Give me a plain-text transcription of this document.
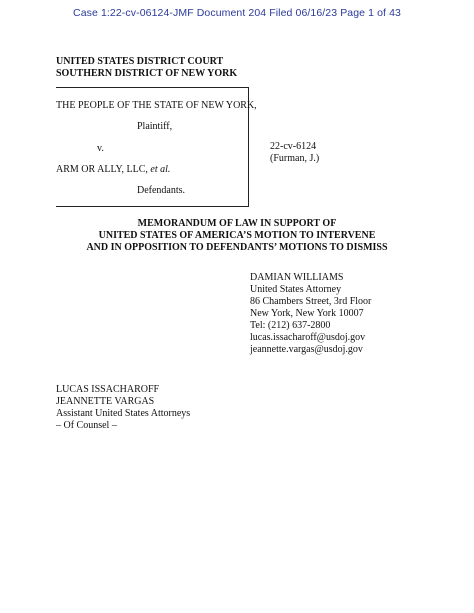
Case 1:22-cv-06124-JMF Document 204 Filed 06/16/23 Page 1 of 43
UNITED STATES DISTRICT COURT
SOUTHERN DISTRICT OF NEW YORK
THE PEOPLE OF THE STATE OF NEW YORK,
Plaintiff,
v.
ARM OR ALLY, LLC, et al.
Defendants.
22-cv-6124
(Furman, J.)
MEMORANDUM OF LAW IN SUPPORT OF
UNITED STATES OF AMERICA’S MOTION TO INTERVENE
AND IN OPPOSITION TO DEFENDANTS’ MOTIONS TO DISMISS
DAMIAN WILLIAMS
United States Attorney
86 Chambers Street, 3rd Floor
New York, New York 10007
Tel: (212) 637-2800
lucas.issacharoff@usdoj.gov
jeannette.vargas@usdoj.gov
LUCAS ISSACHAROFF
JEANNETTE VARGAS
Assistant United States Attorneys
– Of Counsel –
